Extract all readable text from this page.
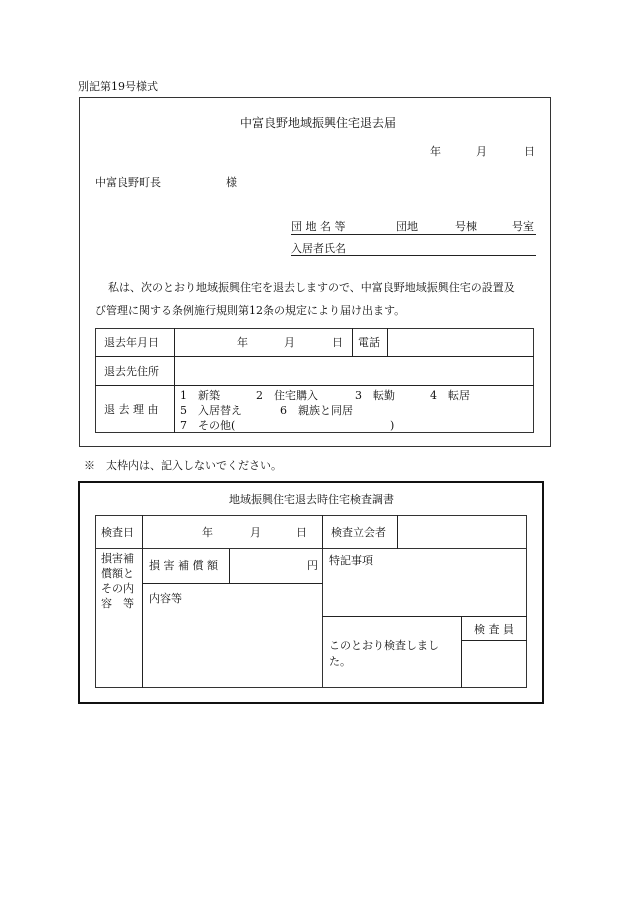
別記第19号様式
中富良野地域振興住宅退去届
年	月	日
中富良野町長	様
団 地 名 等	団地	号棟	号室
入居者氏名
私は、次のとおり地域振興住宅を退去しますので、中富良野地域振興住宅の設置及
び管理に関する条例施行規則第12条の規定により届け出ます。
退去年月日	年	月	日 電話
退去先住所
退 去 理 由
1　新築	2　住宅購入	3　転勤	4　転居
5　入居替え	6　親族と同居
7　その他(	)
※　太枠内は、記入しないでください。
地域振興住宅退去時住宅検査調書
検査日	年	月	日 検査立会者
損害補
償額と
その内
容　等
損 害 補 償 額	円
内容等
特記事項
このとおり検査しまし
た。
検 査 員
